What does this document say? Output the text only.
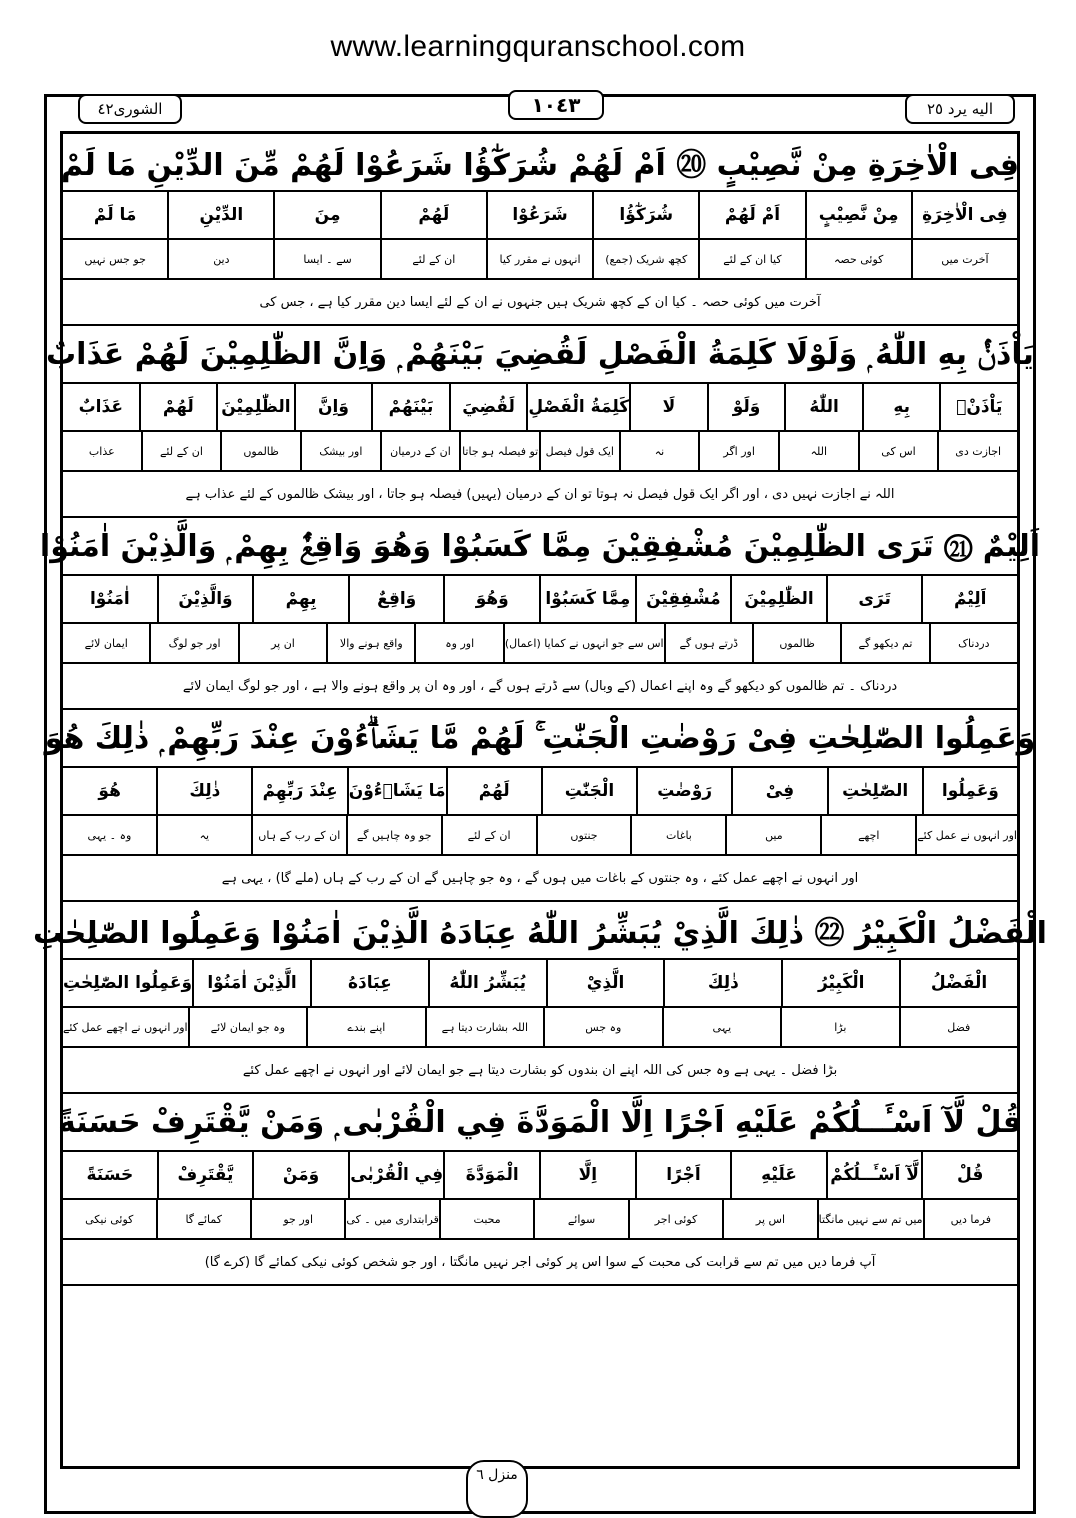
www.learningquranschool.com
الشورى٤٢	١٠٤٣	الیه یرد ٢٥
فِى الْاٰخِرَةِ مِنْ نَّصِيْبٍ ⑳ اَمْ لَهُمْ شُرَكٰٓؤُا شَرَعُوْا لَهُمْ مِّنَ الدِّيْنِ مَا لَمْ
فِى الْاٰخِرَةِ
مِنْ نَّصِيْبٍ
اَمْ لَهُمْ
شُرَكٰٓؤُا
شَرَعُوْا
لَهُمْ
مِنَ
الدِّيْنِ
مَا لَمْ
آخرت میں
کوئی حصہ
کیا ان کے لئے
کچھ شریک (جمع)
انہوں نے مقرر کیا
ان کے لئے
سے ۔ ایسا
دین
جو جس نہیں
آخرت میں کوئی حصہ ۔ کیا ان کے کچھ شریک ہیں جنہوں نے ان کے لئے ایسا دین مقرر کیا ہے ، جس کی
يَاْذَنْۢ بِهِ اللّٰهُ ۭ وَلَوْلَا كَلِمَةُ الْفَصْلِ لَقُضِيَ بَيْنَهُمْ ۭ وَاِنَّ الظّٰلِمِيْنَ لَهُمْ عَذَابٌ
يَاْذَنْۢ
بِهِ
اللّٰهُ
وَلَوْ
لَا
كَلِمَةُ الْفَصْلِ
لَقُضِيَ
بَيْنَهُمْ
وَاِنَّ
الظّٰلِمِيْنَ
لَهُمْ
عَذَابٌ
اجازت دی
اس کی
اللہ
اور اگر
نہ
ایک قول فیصل
تو فیصلہ ہو جاتا
ان کے درمیان
اور بیشک
ظالموں
ان کے لئے
عذاب
اللہ نے اجازت نہیں دی ، اور اگر ایک قول فیصل نہ ہوتا تو ان کے درمیان (یہیں) فیصلہ ہو جاتا ، اور بیشک ظالموں کے لئے عذاب ہے
اَلِيْمٌ ㉑ تَرَى الظّٰلِمِيْنَ مُشْفِقِيْنَ مِمَّا كَسَبُوْا وَهُوَ وَاقِعٌۢ بِهِمْ ۭ وَالَّذِيْنَ اٰمَنُوْا
اَلِيْمٌ
تَرَى
الظّٰلِمِيْنَ
مُشْفِقِيْنَ
مِمَّا كَسَبُوْا
وَهُوَ
وَاقِعٌ
بِهِمْ
وَالَّذِيْنَ
اٰمَنُوْا
دردناک
تم دیکھو گے
ظالموں
ڈرتے ہوں گے
اس سے جو انہوں نے کمایا (اعمال)
اور وہ
واقع ہونے والا
ان پر
اور جو لوگ
ایمان لائے
دردناک ۔ تم ظالموں کو دیکھو گے وہ اپنے اعمال (کے وبال) سے ڈرتے ہوں گے ، اور وہ ان پر واقع ہونے والا ہے ، اور جو لوگ ایمان لائے
وَعَمِلُوا الصّٰلِحٰتِ فِىْ رَوْضٰتِ الْجَنّٰتِ ۚ لَهُمْ مَّا يَشَاۗءُوْنَ عِنْدَ رَبِّهِمْ ۭ ذٰلِكَ هُوَ
وَعَمِلُوا
الصّٰلِحٰتِ
فِىْ
رَوْضٰتِ
الْجَنّٰتِ
لَهُمْ
مَا يَشَاۗءُوْنَ
عِنْدَ رَبِّهِمْ
ذٰلِكَ
هُوَ
اور انہوں نے عمل کئے
اچھے
میں
باغات
جنتوں
ان کے لئے
جو وہ چاہیں گے
ان کے رب کے ہاں
یہ
وہ ۔ یہی
اور انہوں نے اچھے عمل کئے ، وہ جنتوں کے باغات میں ہوں گے ، وہ جو چاہیں گے ان کے رب کے ہاں (ملے گا) ، یہی ہے
الْفَضْلُ الْكَبِيْرُ ㉒ ذٰلِكَ الَّذِيْ يُبَشِّرُ اللّٰهُ عِبَادَهُ الَّذِيْنَ اٰمَنُوْا وَعَمِلُوا الصّٰلِحٰتِ
الْفَضْلُ
الْكَبِيْرُ
ذٰلِكَ
الَّذِيْ
يُبَشِّرُ اللّٰهُ
عِبَادَهُ
الَّذِيْنَ اٰمَنُوْا
وَعَمِلُوا الصّٰلِحٰتِ
فضل
بڑا
یہی
وہ جس
اللہ بشارت دیتا ہے
اپنے بندے
وہ جو ایمان لائے
اور انہوں نے اچھے عمل کئے
بڑا فضل ۔ یہی ہے وہ جس کی اللہ اپنے ان بندوں کو بشارت دیتا ہے جو ایمان لائے اور انہوں نے اچھے عمل کئے
قُلْ لَّآ اَسْـَٔــلُكُمْ عَلَيْهِ اَجْرًا اِلَّا الْمَوَدَّةَ فِي الْقُرْبٰى ۭ وَمَنْ يَّقْتَرِفْ حَسَنَةً
قُلْ
لَّآ اَسْـَٔــلُكُمْ
عَلَيْهِ
اَجْرًا
اِلَّا
الْمَوَدَّةَ
فِي الْقُرْبٰى
وَمَنْ
يَّقْتَرِفْ
حَسَنَةً
فرما دیں
میں تم سے نہیں مانگتا
اس پر
کوئی اجر
سوائے
محبت
قرابتداری میں ۔ کی
اور جو
کمائے گا
کوئی نیکی
آپ فرما دیں میں تم سے قرابت کی محبت کے سوا اس پر کوئی اجر نہیں مانگتا ، اور جو شخص کوئی نیکی کمائے گا (کرے گا)
منزل ٦
